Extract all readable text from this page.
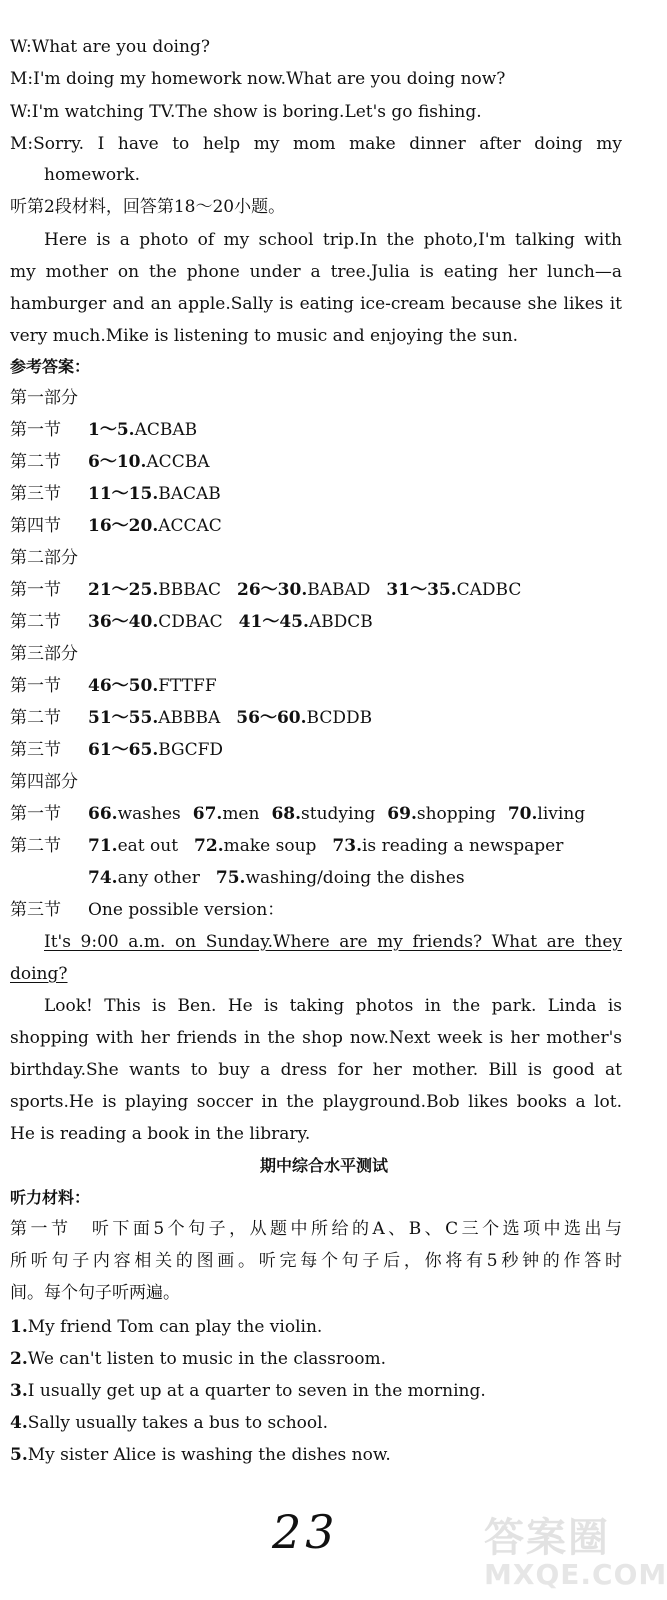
W:What are you doing?
M:I'm doing my homework now.What are you doing now?
W:I'm watching TV.The show is boring.Let's go fishing.
M:Sorry. I have to help my mom make dinner after doing my
homework.
听第2段材料，回答第18～20小题。
Here is a photo of my school trip.In the photo,I'm talking with
my mother on the phone under a tree.Julia is eating her lunch—a
hamburger and an apple.Sally is eating ice-cream because she likes it
very much.Mike is listening to music and enjoying the sun.
参考答案：
第一部分
第一节 1～5.ACBAB
第二节 6～10.ACCBA
第三节 11～15.BACAB
第四节 16～20.ACCAC
第二部分
第一节 21～25.BBBAC 26～30.BABAD 31～35.CADBC
第二节 36～40.CDBAC 41～45.ABDCB
第三部分
第一节 46～50.FTTFF
第二节 51～55.ABBBA 56～60.BCDDB
第三节 61～65.BGCFD
第四部分
第一节 66.washes 67.men 68.studying 69.shopping 70.living
第二节 71.eat out 72.make soup 73.is reading a newspaper
74.any other 75.washing/doing the dishes
第三节 One possible version：
It's 9:00 a.m. on Sunday.Where are my friends? What are they
doing?
Look! This is Ben. He is taking photos in the park. Linda is
shopping with her friends in the shop now.Next week is her mother's
birthday.She wants to buy a dress for her mother. Bill is good at
sports.He is playing soccer in the playground.Bob likes books a lot.
He is reading a book in the library.
期中综合水平测试
听力材料：
第一节　听下面5个句子，从题中所给的A、B、C三个选项中选出与
所听句子内容相关的图画。听完每个句子后，你将有5秒钟的作答时
间。每个句子听两遍。
1.My friend Tom can play the violin.
2.We can't listen to music in the classroom.
3.I usually get up at a quarter to seven in the morning.
4.Sally usually takes a bus to school.
5.My sister Alice is washing the dishes now.
23	答案圈
MXQE.COM
